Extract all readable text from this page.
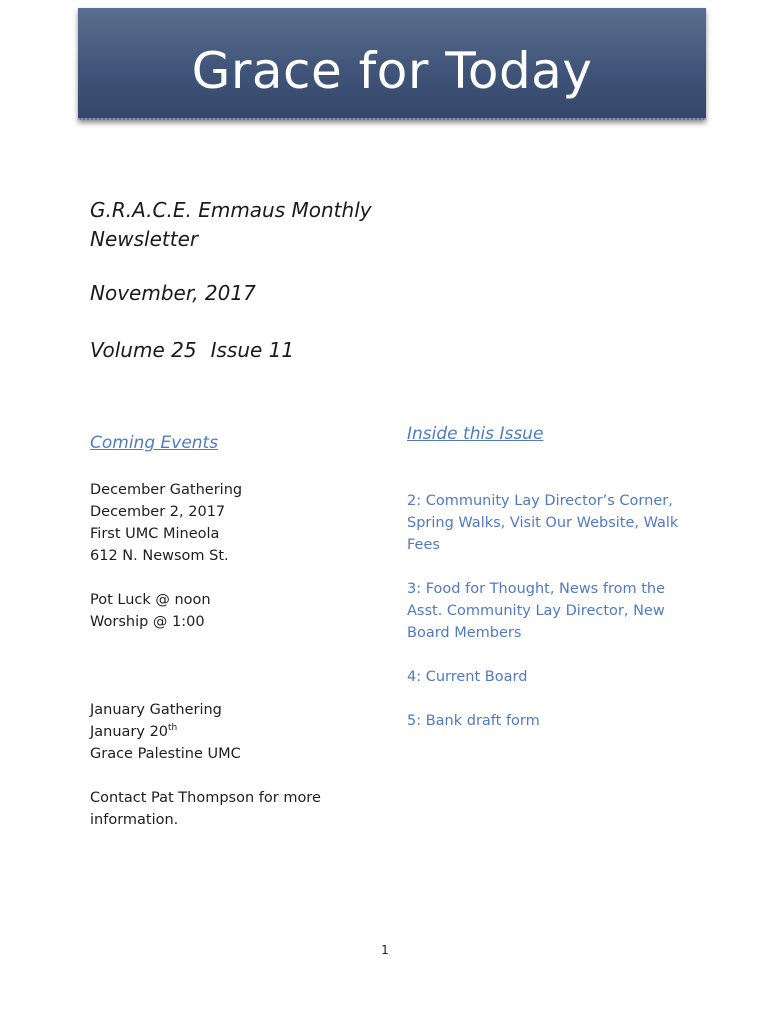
Grace for Today
G.R.A.C.E. Emmaus Monthly Newsletter
November, 2017
Volume 25 Issue 11
Coming Events
December Gathering
December 2, 2017
First UMC Mineola
612 N. Newsom St.
Pot Luck @ noon
Worship @ 1:00
January Gathering
January 20th
Grace Palestine UMC
Contact Pat Thompson for more information.
Inside this Issue
2: Community Lay Director’s Corner, Spring Walks, Visit Our Website, Walk Fees
3: Food for Thought, News from the Asst. Community Lay Director, New Board Members
4: Current Board
5: Bank draft form
1
